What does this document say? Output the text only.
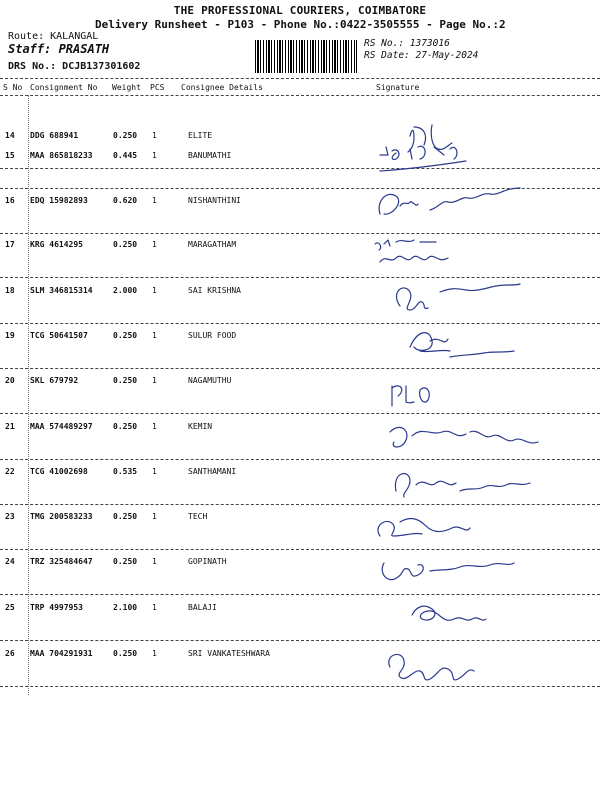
THE PROFESSIONAL COURIERS, COIMBATORE
Delivery Runsheet - P103 - Phone No.:0422-3505555 - Page No.:2
Route: KALANGAL
Staff: PRASATH
DRS No.: DCJB137301602
RS No.: 1373016
RS Date: 27-May-2024
S No Consignment No Weight PCS Consignee Details	Signature
14 DDG 688941	0.250 1	ELITE
15 MAA 865818233	0.445 1	BANUMATHI
16 EDQ 15982893	0.620 1	NISHANTHINI
17 KRG 4614295	0.250 1	MARAGATHAM
18 SLM 346815314	2.000 1	SAI KRISHNA
19 TCG 50641507	0.250 1	SULUR FOOD
20 SKL 679792	0.250 1	NAGAMUTHU
21 MAA 574489297	0.250 1	KEMIN
22 TCG 41002698	0.535 1	SANTHAMANI
23 TMG 200583233	0.250 1	TECH
24 TRZ 325484647	0.250 1	GOPINATH
25 TRP 4997953	2.100 1	BALAJI
26 MAA 704291931	0.250 1	SRI VANKATESHWARA
